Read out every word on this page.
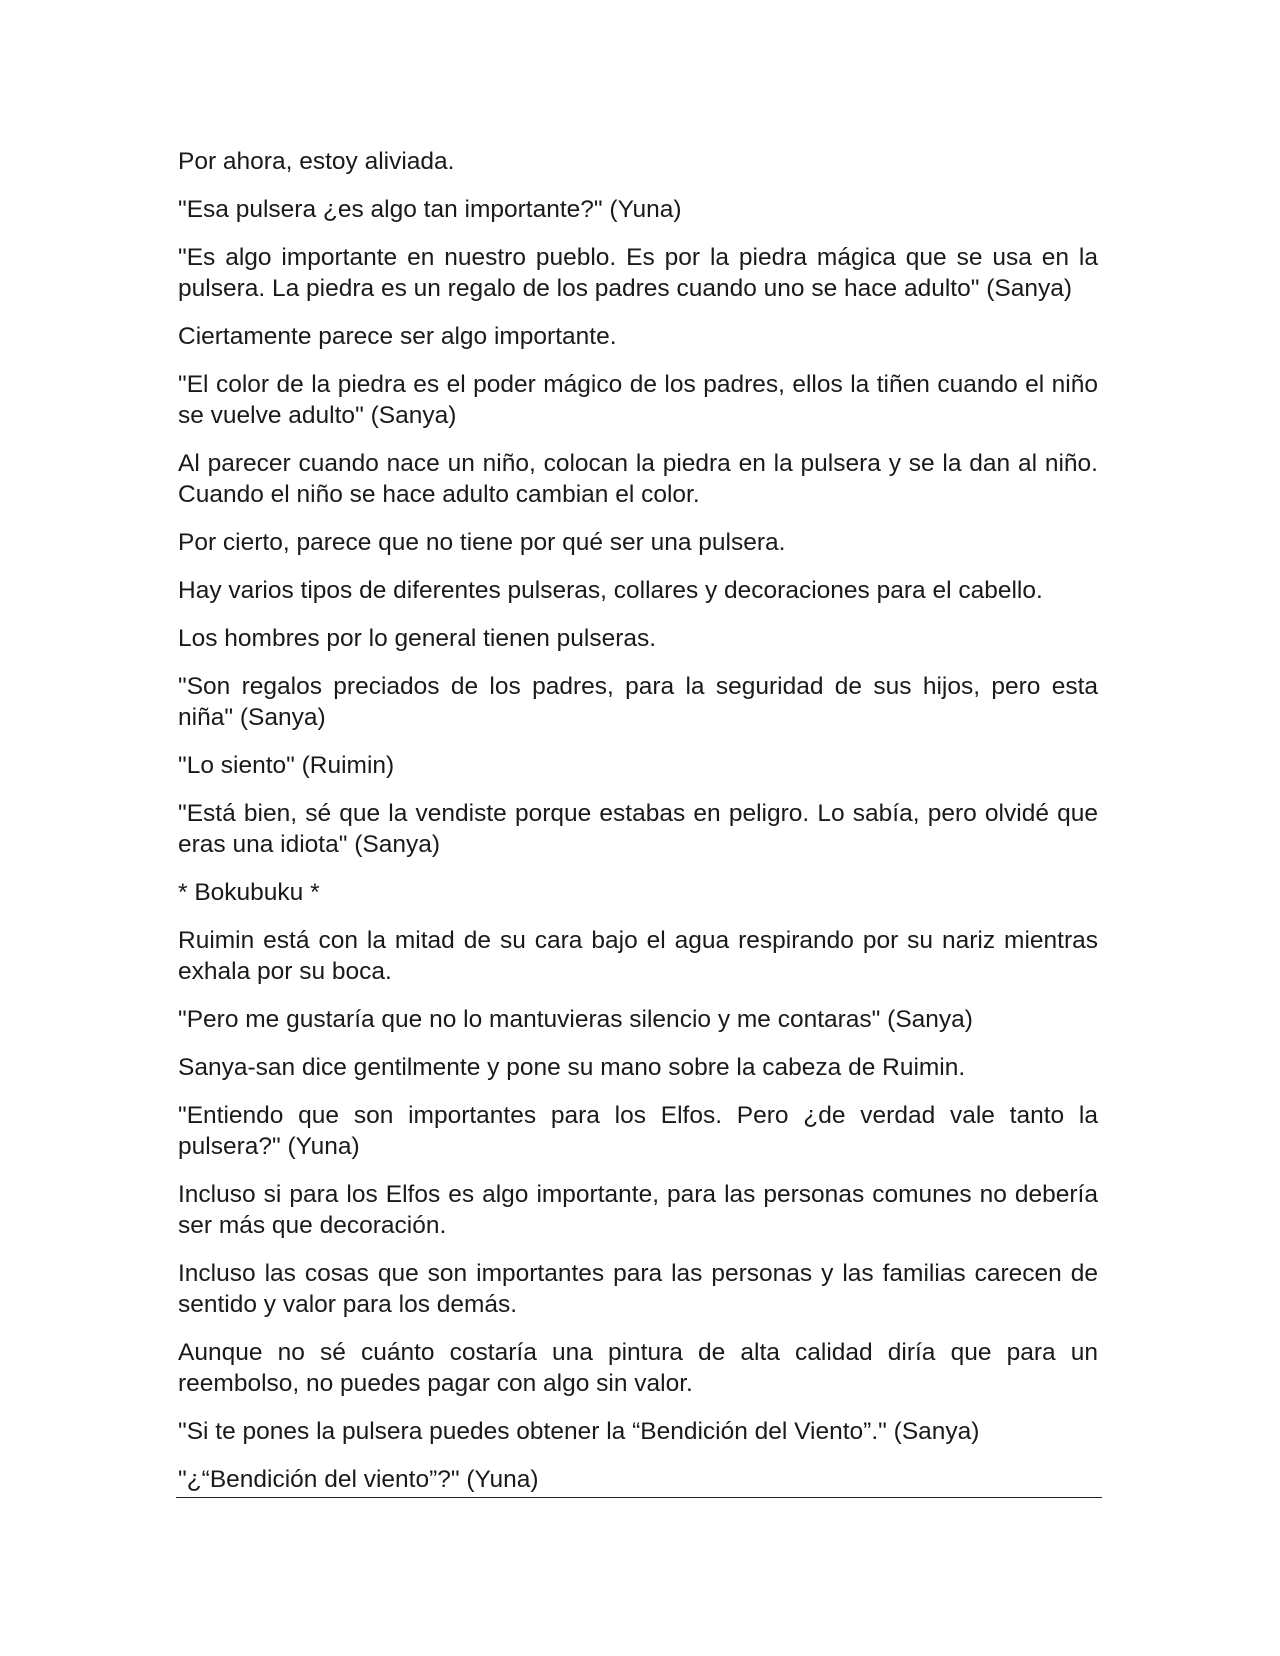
Por ahora, estoy aliviada.

"Esa pulsera ¿es algo tan importante?" (Yuna)

"Es algo importante en nuestro pueblo. Es por la piedra mágica que se usa en la pulsera. La piedra es un regalo de los padres cuando uno se hace adulto" (Sanya)

Ciertamente parece ser algo importante.

"El color de la piedra es el poder mágico de los padres, ellos la tiñen cuando el niño se vuelve adulto" (Sanya)

Al parecer cuando nace un niño, colocan la piedra en la pulsera y se la dan al niño. Cuando el niño se hace adulto cambian el color.

Por cierto, parece que no tiene por qué ser una pulsera.

Hay varios tipos de diferentes pulseras, collares y decoraciones para el cabello.

Los hombres por lo general tienen pulseras.

"Son regalos preciados de los padres, para la seguridad de sus hijos, pero esta niña" (Sanya)

"Lo siento" (Ruimin)

"Está bien, sé que la vendiste porque estabas en peligro. Lo sabía, pero olvidé que eras una idiota" (Sanya)

* Bokubuku *

Ruimin está con la mitad de su cara bajo el agua respirando por su nariz mientras exhala por su boca.

"Pero me gustaría que no lo mantuvieras silencio y me contaras" (Sanya)

Sanya-san dice gentilmente y pone su mano sobre la cabeza de Ruimin.

"Entiendo que son importantes para los Elfos. Pero ¿de verdad vale tanto la pulsera?" (Yuna)

Incluso si para los Elfos es algo importante, para las personas comunes no debería ser más que decoración.

Incluso las cosas que son importantes para las personas y las familias carecen de sentido y valor para los demás.

Aunque no sé cuánto costaría una pintura de alta calidad diría que para un reembolso, no puedes pagar con algo sin valor.

"Si te pones la pulsera puedes obtener la “Bendición del Viento”." (Sanya)

"¿“Bendición del viento”?" (Yuna)
